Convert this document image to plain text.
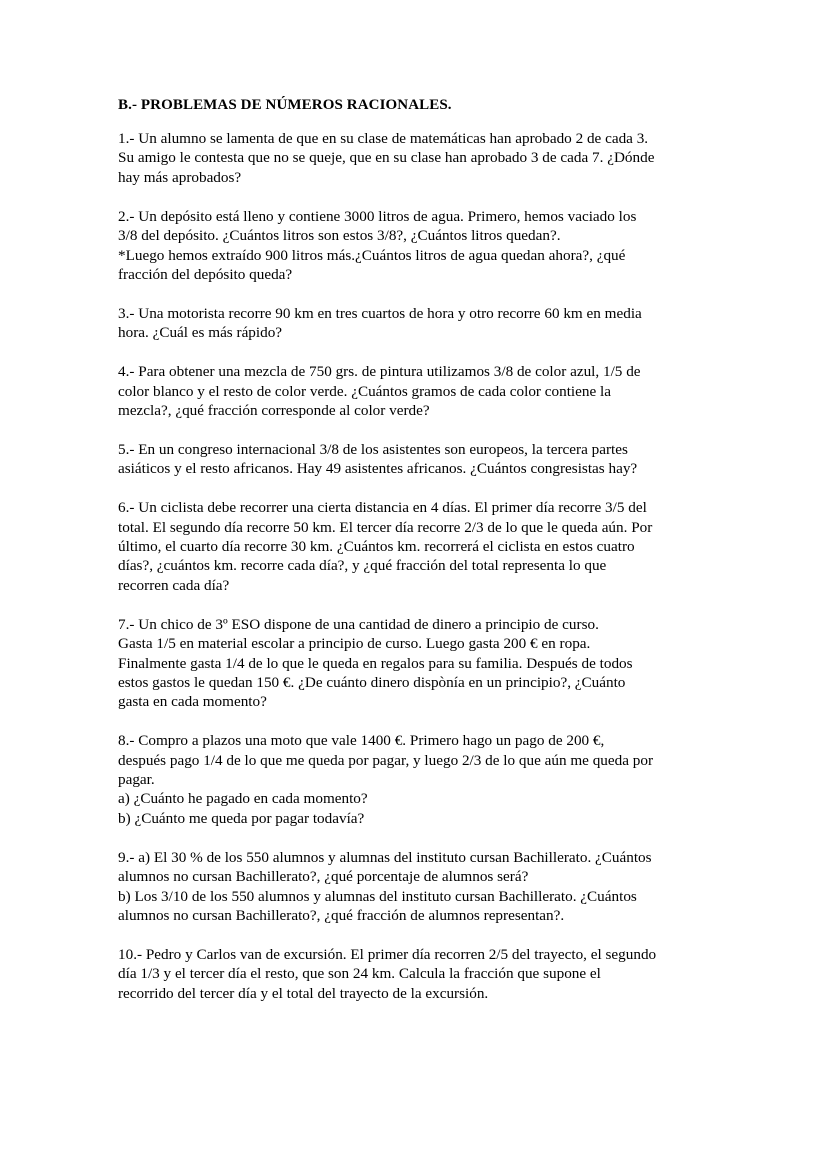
B.- PROBLEMAS DE NÚMEROS RACIONALES.
1.- Un alumno se lamenta de que en su clase de matemáticas han aprobado 2 de cada 3.
Su amigo le contesta que no se queje, que en su clase han aprobado 3 de cada 7. ¿Dónde
hay más aprobados?
2.- Un depósito está lleno y contiene 3000 litros de agua. Primero, hemos vaciado los
3/8 del depósito. ¿Cuántos litros son estos 3/8?, ¿Cuántos litros quedan?.
*Luego hemos extraído 900 litros más.¿Cuántos litros de agua quedan ahora?, ¿qué
fracción del depósito queda?
3.- Una motorista recorre 90 km en tres cuartos de hora y otro recorre 60 km en media
hora. ¿Cuál es más rápido?
4.- Para obtener una mezcla de 750 grs. de pintura utilizamos 3/8 de color azul, 1/5 de
color blanco y el resto de color verde. ¿Cuántos gramos de cada color contiene la
mezcla?, ¿qué fracción corresponde al color verde?
5.- En un congreso internacional 3/8 de los asistentes son europeos, la tercera partes
asiáticos y el resto africanos. Hay 49 asistentes africanos. ¿Cuántos congresistas hay?
6.- Un ciclista debe recorrer una cierta distancia en 4 días. El primer día recorre 3/5 del
total. El segundo día recorre 50 km. El tercer día recorre 2/3 de lo que le queda aún. Por
último, el cuarto día recorre 30 km. ¿Cuántos km. recorrerá el ciclista en estos cuatro
días?, ¿cuántos km. recorre cada día?, y ¿qué fracción del total representa lo que
recorren cada día?
7.- Un chico de 3º ESO dispone de una cantidad de dinero a principio de curso.
Gasta 1/5 en material escolar a principio de curso. Luego gasta 200 € en ropa.
Finalmente gasta 1/4 de lo que le queda en regalos para su familia. Después de todos
estos gastos le quedan 150 €. ¿De cuánto dinero dispònía en un principio?, ¿Cuánto
gasta en cada momento?
8.- Compro a plazos una moto que vale 1400 €. Primero hago un pago de 200 €,
después pago 1/4 de lo que me queda por pagar, y luego 2/3 de lo que aún me queda por
pagar.
a) ¿Cuánto he pagado en cada momento?
b) ¿Cuánto me queda por pagar todavía?
9.- a) El 30 % de los 550 alumnos y alumnas del instituto cursan Bachillerato. ¿Cuántos
alumnos no cursan Bachillerato?, ¿qué porcentaje de alumnos será?
b) Los 3/10 de los 550 alumnos y alumnas del instituto cursan Bachillerato. ¿Cuántos
alumnos no cursan Bachillerato?, ¿qué fracción de alumnos representan?.
10.- Pedro y Carlos van de excursión. El primer día recorren 2/5 del trayecto, el segundo
día 1/3 y el tercer día el resto, que son 24 km. Calcula la fracción que supone el
recorrido del tercer día y el total del trayecto de la excursión.
